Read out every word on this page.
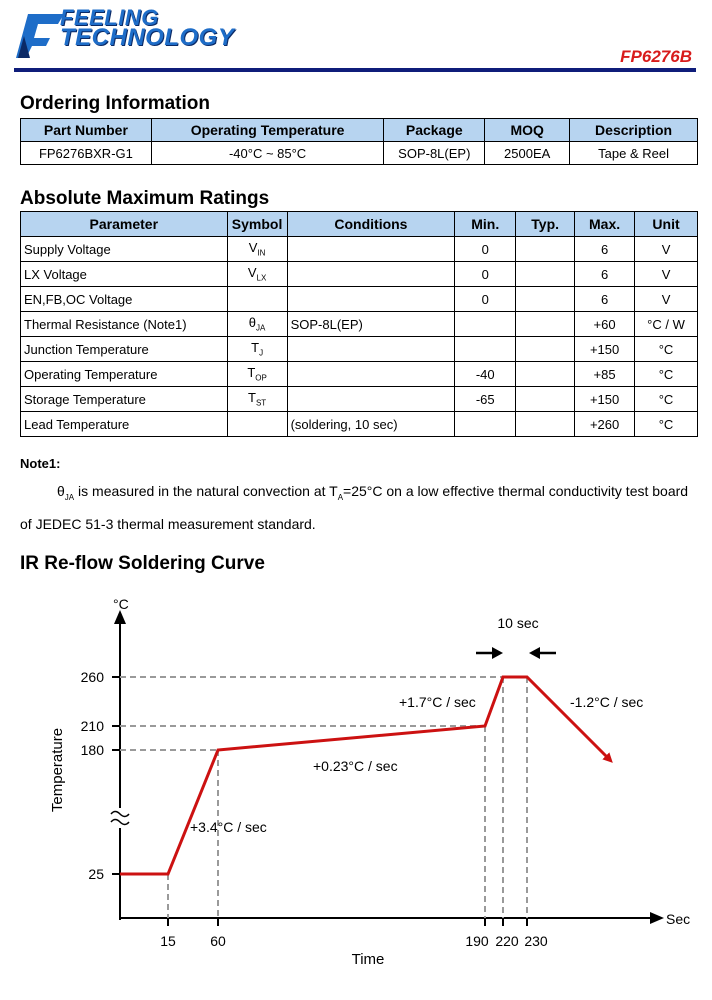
FEELING
TECHNOLOGY
FP6276B
Ordering Information
Part Number	Operating Temperature	Package	MOQ	Description
FP6276BXR-G1	-40°C ~ 85°C	SOP-8L(EP)	2500EA	Tape & Reel
Absolute Maximum Ratings
Parameter	Symbol	Conditions	Min.	Typ.	Max.	Unit
Supply Voltage	$V_{IN}$		0		6	V
LX Voltage	$V_{LX}$		0		6	V
EN,FB,OC Voltage			0		6	V
Thermal Resistance (Note1)	$\theta_{JA}$	SOP-8L(EP)			+60	°C / W
Junction Temperature	$T_J$				+150	°C
Operating Temperature	$T_{OP}$		-40		+85	°C
Storage Temperature	$T_{ST}$		-65		+150	°C
Lead Temperature		(soldering, 10 sec)			+260	°C
Note1:
$\theta_{JA}$ is measured in the natural convection at $T_A=25^\circ C$ on a low effective thermal conductivity test board of JEDEC 51-3 thermal measurement standard.
IR Re-flow Soldering Curve
°C
Temperature
Sec
Time
25
180
210
260
15 60	190 220 230
10 sec
+3.4°C / sec
+0.23°C / sec
+1.7°C / sec	-1.2°C / sec
